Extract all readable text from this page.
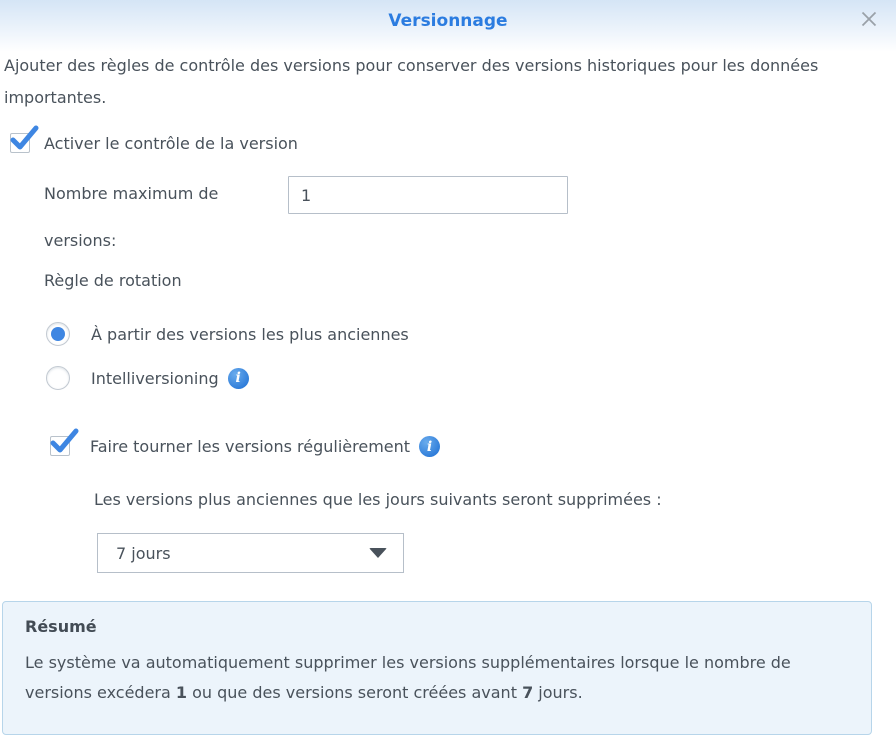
Versionnage
Ajouter des règles de contrôle des versions pour conserver des versions historiques pour les données importantes.
Activer le contrôle de la version
Nombre maximum de versions:
1
Règle de rotation
À partir des versions les plus anciennes
Intelliversioning	i
Faire tourner les versions régulièrement	i
Les versions plus anciennes que les jours suivants seront supprimées :
7 jours
Résumé
Le système va automatiquement supprimer les versions supplémentaires lorsque le nombre de versions excédera 1 ou que des versions seront créées avant 7 jours.
